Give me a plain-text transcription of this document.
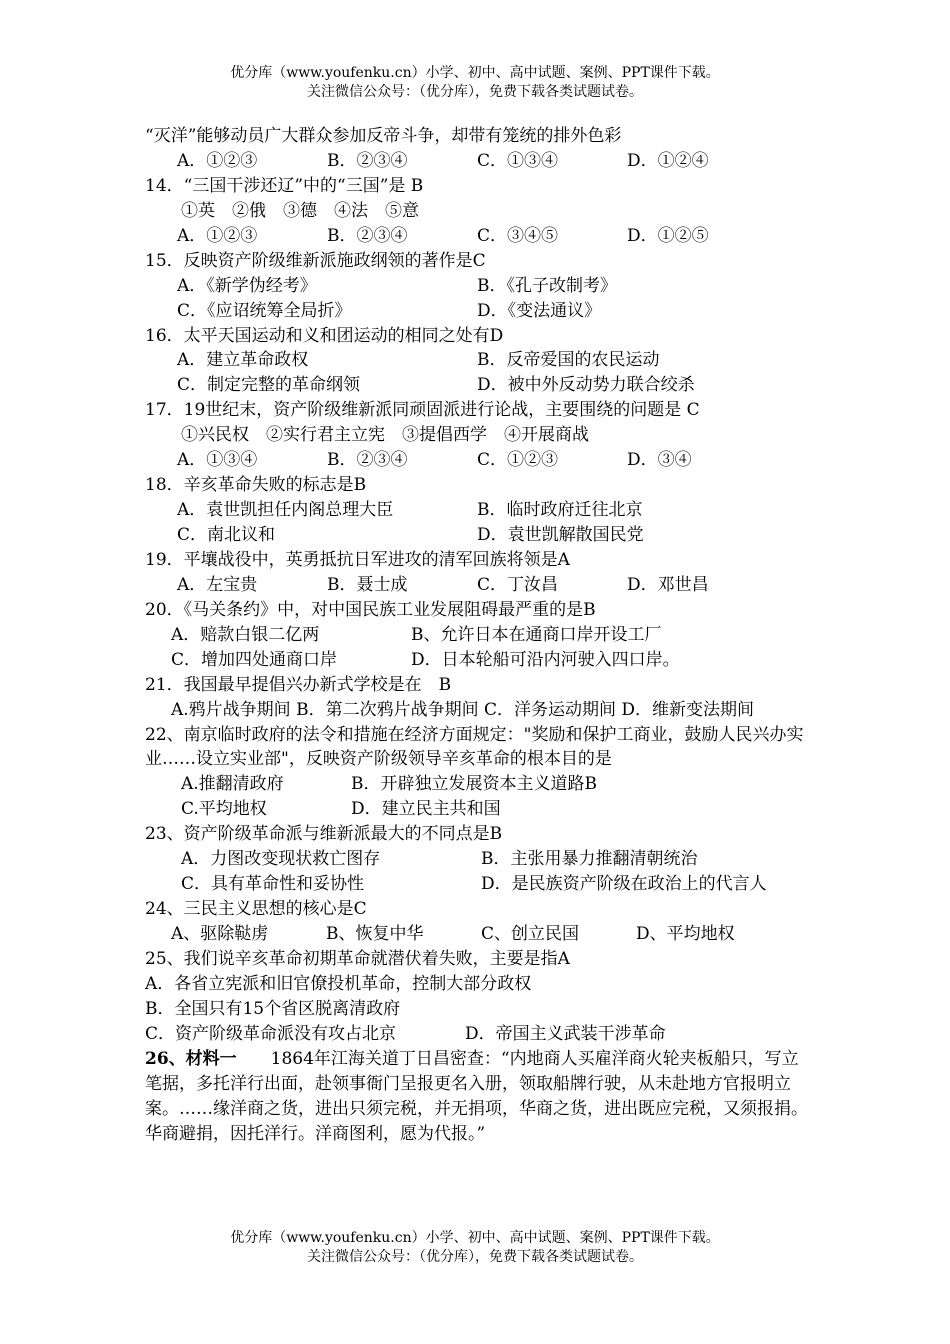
优分库（www.youfenku.cn）小学、初中、高中试题、案例、PPT课件下载。
关注微信公众号：（优分库），免费下载各类试题试卷。
“灭洋”能够动员广大群众参加反帝斗争，却带有笼统的排外色彩
A．①②③	B．②③④	C．①③④	D．①②④
14．“三国干涉还辽”中的“三国”是 B
①英　②俄　③德　④法　⑤意
A．①②③	B．②③④	C．③④⑤	D．①②⑤
15．反映资产阶级维新派施政纲领的著作是C
A．《新学伪经考》	B．《孔子改制考》
C．《应诏统筹全局折》	D．《变法通议》
16．太平天国运动和义和团运动的相同之处有D
A．建立革命政权	B．反帝爱国的农民运动
C．制定完整的革命纲领	D．被中外反动势力联合绞杀
17．19世纪末，资产阶级维新派同顽固派进行论战，主要围绕的问题是 C
①兴民权　②实行君主立宪　③提倡西学　④开展商战
A．①③④	B．②③④	C．①②③	D．③④
18．辛亥革命失败的标志是B
A．袁世凯担任内阁总理大臣	B．临时政府迁往北京
C．南北议和	D．袁世凯解散国民党
19．平壤战役中，英勇抵抗日军进攻的清军回族将领是A
A．左宝贵	B．聂士成	C．丁汝昌	D．邓世昌
20．《马关条约》中，对中国民族工业发展阻碍最严重的是B
A．赔款白银二亿两	B、允许日本在通商口岸开设工厂
C．增加四处通商口岸	D．日本轮船可沿内河驶入四口岸。
21．我国最早提倡兴办新式学校是在　B
A.鸦片战争期间 B．第二次鸦片战争期间 C．洋务运动期间 D．维新变法期间
22、南京临时政府的法令和措施在经济方面规定："奖励和保护工商业，鼓励人民兴办实业……设立实业部"，反映资产阶级领导辛亥革命的根本目的是
A.推翻清政府	B．开辟独立发展资本主义道路B
C.平均地权	D．建立民主共和国
23、资产阶级革命派与维新派最大的不同点是B
A．力图改变现状救亡图存	B．主张用暴力推翻清朝统治
C．具有革命性和妥协性	D．是民族资产阶级在政治上的代言人
24、三民主义思想的核心是C
A、驱除鞑虏	B、恢复中华	C、创立民国	D、平均地权
25、我们说辛亥革命初期革命就潜伏着失败，主要是指A
A．各省立宪派和旧官僚投机革命，控制大部分政权
B．全国只有15个省区脱离清政府
C．资产阶级革命派没有攻占北京	D．帝国主义武装干涉革命
26、材料一　　1864年江海关道丁日昌密查：“内地商人买雇洋商火轮夹板船只，写立笔据，多托洋行出面，赴领事衙门呈报更名入册，领取船牌行驶，从未赴地方官报明立案。……缘洋商之货，进出只须完税，并无捐项，华商之货，进出既应完税，又须报捐。华商避捐，因托洋行。洋商图利，愿为代报。”
优分库（www.youfenku.cn）小学、初中、高中试题、案例、PPT课件下载。
关注微信公众号：（优分库），免费下载各类试题试卷。
